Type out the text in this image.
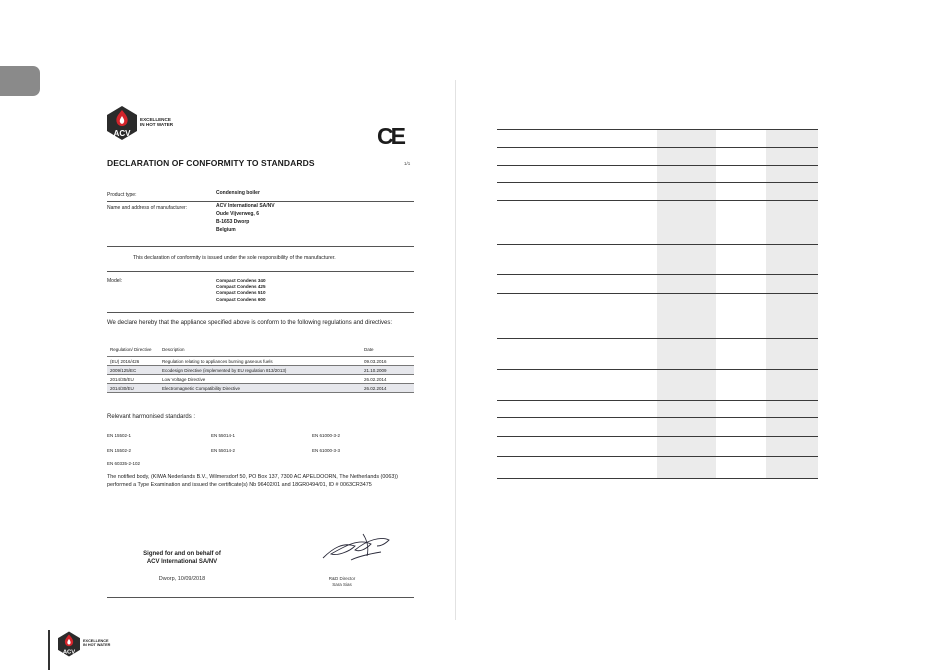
ACV
EXCELLENCE
IN HOT WATER	CE
DECLARATION OF CONFORMITY TO STANDARDS	1/1
Product type:	Condensing boiler
Name and address of manufacturer:	ACV International SA/NV
Oude Vijverweg, 6
B-1653 Dworp
Belgium
This declaration of conformity is issued under the sole responsibility of the manufacturer.
Model:	Compact Condens 340
Compact Condens 425
Compact Condens 510
Compact Condens 600
We declare hereby that the appliance specified above is conform to the following regulations and directives:
Regulation/ Directive	Description	Date
(EU) 2016/426	Regulation relating to appliances burning gaseous fuels	09.03.2016
2009/125/EC	Ecodesign Directive (implemented by EU regulation 813/2013)	21.10.2009
2014/35/EU	Low Voltage Directive	26.02.2014
2014/30/EU	Electromagnetic Compatibility Directive	26.02.2014
Relevant harmonised standards :
EN 15502-1	EN 55014-1	EN 61000-3-2
EN 15502-2	EN 55014-2	EN 61000-3-3
EN 60335-2-102
The notified body, (KIWA Nederlands B.V., Wilmersdorf 50, PO Box 137, 7300 AC APELDOORN, The Netherlands (0063)) performed a Type Examination and issued the certificate(s) Nb 96402/01 and 18GR0494/01, ID # 0063CR3475
Signed for and on behalf of
ACV International SA/NV
Dworp, 10/09/2018	R&D Director
Sara Sias
ACV
EXCELLENCE
IN HOT WATER
